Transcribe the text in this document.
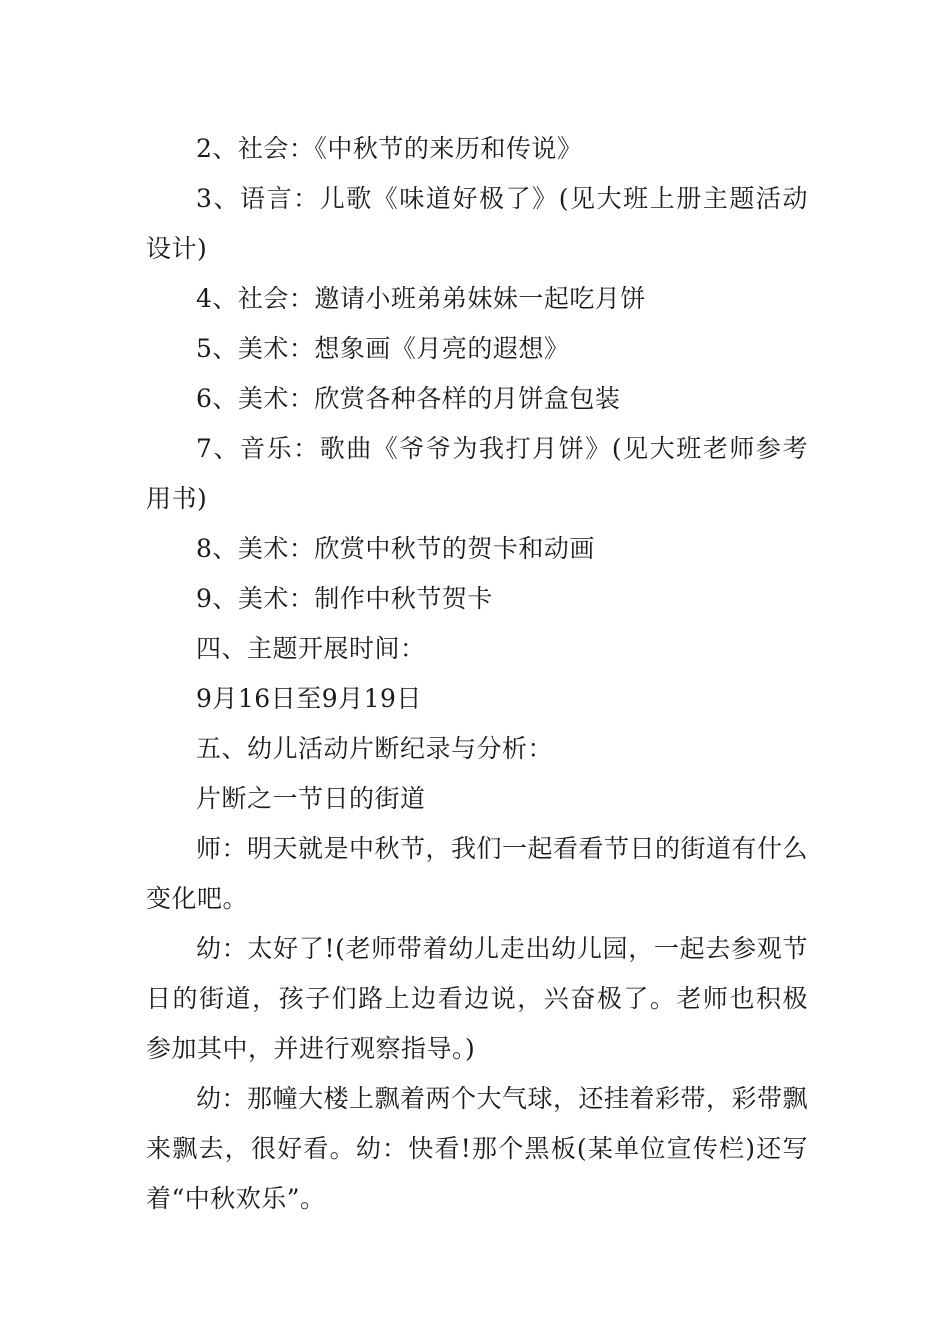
2、社会：《中秋节的来历和传说》

3、语言：儿歌《味道好极了》(见大班上册主题活动设计)

4、社会：邀请小班弟弟妹妹一起吃月饼

5、美术：想象画《月亮的遐想》

6、美术：欣赏各种各样的月饼盒包装

7、音乐：歌曲《爷爷为我打月饼》(见大班老师参考用书)

8、美术：欣赏中秋节的贺卡和动画

9、美术：制作中秋节贺卡

四、主题开展时间：

9月16日至9月19日

五、幼儿活动片断纪录与分析：

片断之一节日的街道

师：明天就是中秋节，我们一起看看节日的街道有什么变化吧。

幼：太好了!(老师带着幼儿走出幼儿园，一起去参观节日的街道，孩子们路上边看边说，兴奋极了。老师也积极参加其中，并进行观察指导。)

幼：那幢大楼上飘着两个大气球，还挂着彩带，彩带飘来飘去，很好看。幼：快看!那个黑板(某单位宣传栏)还写着“中秋欢乐”。
